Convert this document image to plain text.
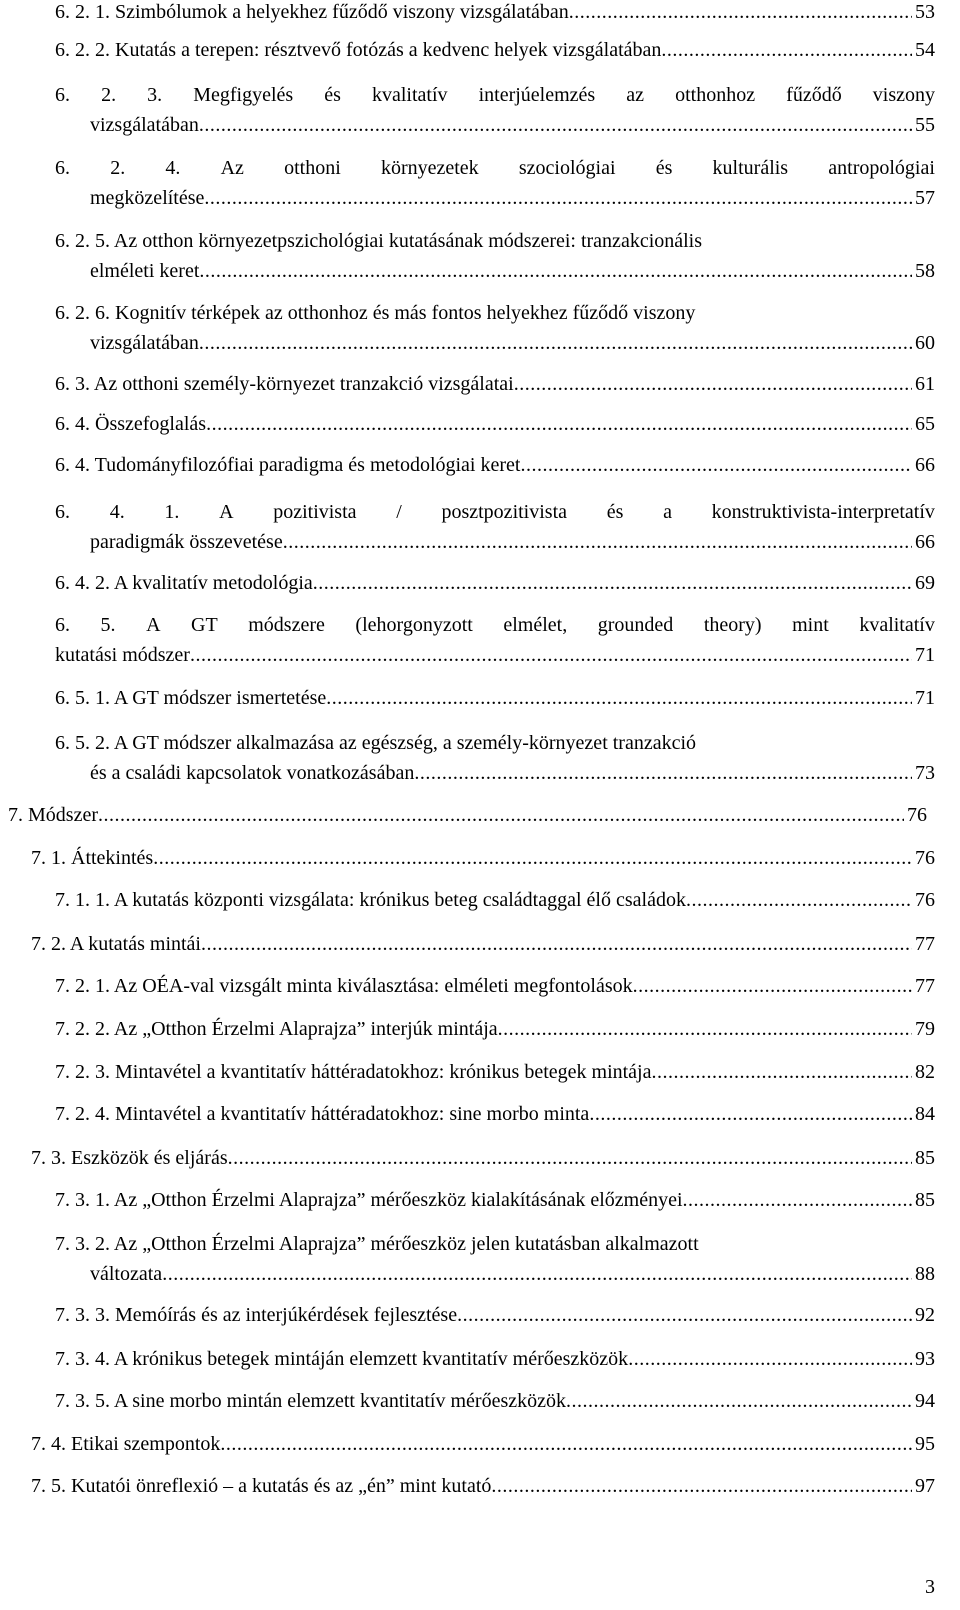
6. 2. 1. Szimbólumok a helyekhez fűződő viszony vizsgálatában .....	53
6. 2. 2. Kutatás a terepen: résztvevő fotózás a kedvenc helyek vizsgálatában .....	54
6. 2. 3. Megfigyelés és kvalitatív interjúelemzés az otthonhoz fűződő viszony
vizsgálatában .....	55
6. 2. 4. Az otthoni környezetek szociológiai és kulturális antropológiai
megközelítése .....	57
6. 2. 5. Az otthon környezetpszichológiai kutatásának módszerei: tranzakcionális
elméleti keret .....	58
6. 2. 6. Kognitív térképek az otthonhoz és más fontos helyekhez fűződő viszony
vizsgálatában .....	60
6. 3. Az otthoni személy-környezet tranzakció vizsgálatai .....	61
6. 4. Összefoglalás .....	65
6. 4. Tudományfilozófiai paradigma és metodológiai keret .....	66
6. 4. 1. A pozitivista / posztpozitivista és a konstruktivista-interpretatív
paradigmák összevetése .....	66
6. 4. 2. A kvalitatív metodológia .....	69
6. 5. A GT módszere (lehorgonyzott elmélet, grounded theory) mint kvalitatív
kutatási módszer .....	71
6. 5. 1. A GT módszer ismertetése .....	71
6. 5. 2. A GT módszer alkalmazása az egészség, a személy-környezet tranzakció
és a családi kapcsolatok vonatkozásában .....	73
7. Módszer .....	76
7. 1. Áttekintés .....	76
7. 1. 1. A kutatás központi vizsgálata: krónikus beteg családtaggal élő családok .....	76
7. 2. A kutatás mintái .....	77
7. 2. 1. Az OÉA-val vizsgált minta kiválasztása: elméleti megfontolások .....	77
7. 2. 2. Az „Otthon Érzelmi Alaprajza” interjúk mintája .....	79
7. 2. 3. Mintavétel a kvantitatív háttéradatokhoz: krónikus betegek mintája .....	82
7. 2. 4. Mintavétel a kvantitatív háttéradatokhoz: sine morbo minta .....	84
7. 3. Eszközök és eljárás .....	85
7. 3. 1. Az „Otthon Érzelmi Alaprajza” mérőeszköz kialakításának előzményei .....	85
7. 3. 2. Az „Otthon Érzelmi Alaprajza” mérőeszköz jelen kutatásban alkalmazott
változata .....	88
7. 3. 3. Memóírás és az interjúkérdések fejlesztése .....	92
7. 3. 4. A krónikus betegek mintáján elemzett kvantitatív mérőeszközök .....	93
7. 3. 5. A sine morbo mintán elemzett kvantitatív mérőeszközök .....	94
7. 4. Etikai szempontok .....	95
7. 5. Kutatói önreflexió – a kutatás és az „én” mint kutató .....	97
3
